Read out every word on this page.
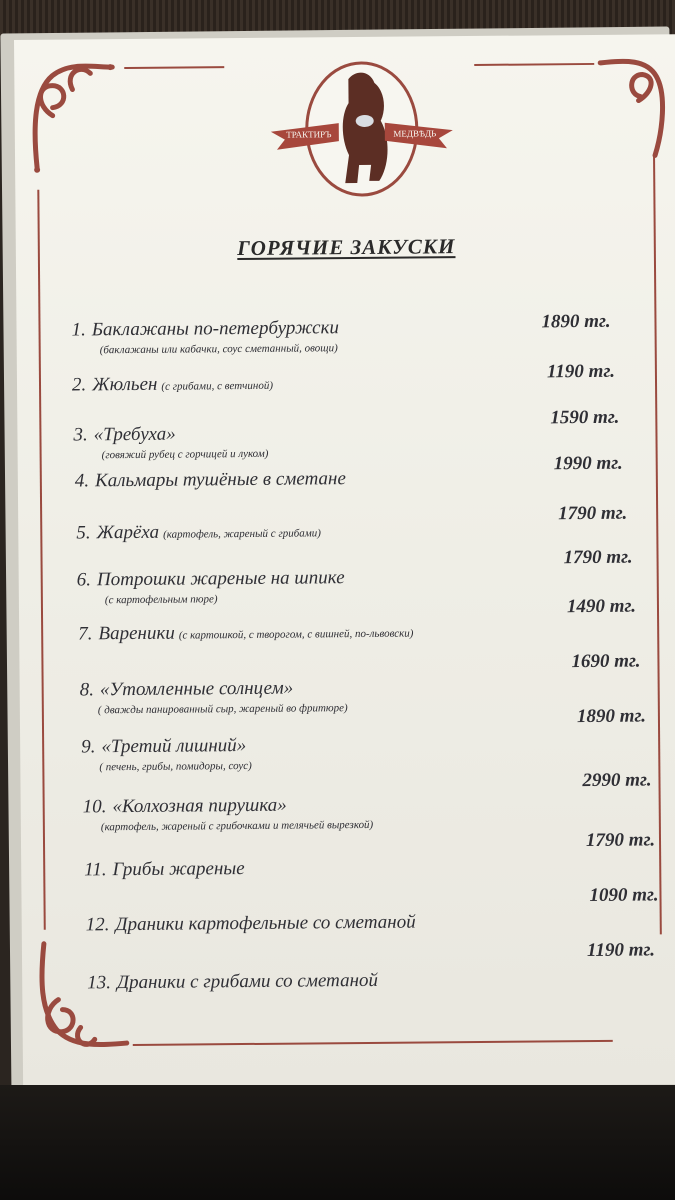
ТРАКТИРЪ	МЕДВѢДЬ
ГОРЯЧИЕ ЗАКУСКИ
1. Баклажаны по-петербуржски
(баклажаны или кабачки, соус сметанный, овощи)
1890 тг.
2. Жюльен (с грибами, с ветчиной)
1190 тг.
3. «Требуха»
(говяжий рубец с горчицей и луком)
1590 тг.
4. Кальмары тушёные в сметане
1990 тг.
5. Жарёха (картофель, жареный с грибами)
1790 тг.
6. Потрошки жареные на шпике
(с картофельным пюре)
1790 тг.
7. Вареники (с картошкой, с творогом, с вишней, по-львовски)
1490 тг.
8. «Утомленные солнцем»
( дважды панированный сыр, жареный во фритюре)
1690 тг.
9. «Третий лишний»
( печень, грибы, помидоры, соус)
1890 тг.
10. «Колхозная пирушка»
(картофель, жареный с грибочками и телячьей вырезкой)
2990 тг.
11. Грибы жареные
1790 тг.
12. Драники картофельные со сметаной
1090 тг.
13. Драники с грибами со сметаной
1190 тг.
